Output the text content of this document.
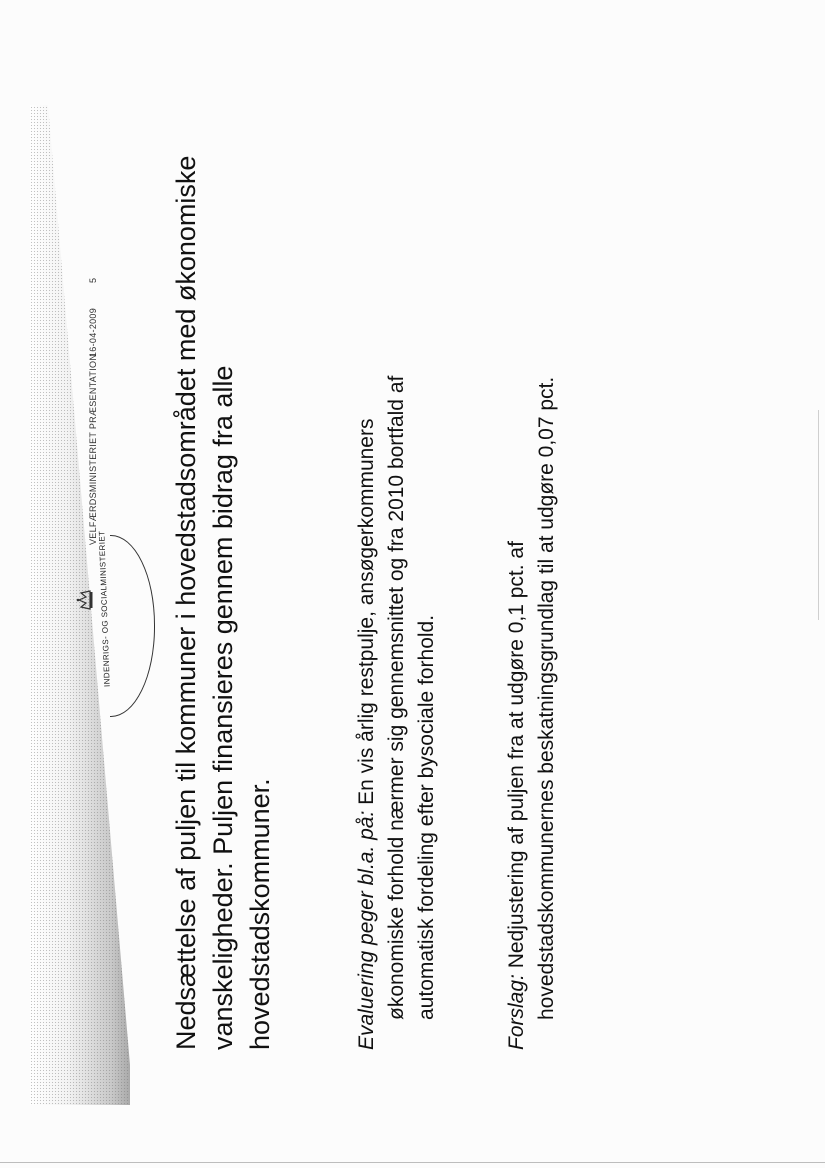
VELFÆRDSMINISTERIET PRÆSENTATION
16-04-2009
5
INDENRIGS- OG SOCIALMINISTERIET Nedsættelse af puljen til kommuner i hovedstadsområdet med økonomiske vanskeligheder. Puljen finansieres gennem bidrag fra alle hovedstadskommuner.	Evaluering peger bl.a. på: En vis årlig restpulje, ansøgerkommuners økonomiske forhold nærmer sig gennemsnittet og fra 2010 bortfald af automatisk fordeling efter bysociale forhold.	Forslag: Nedjustering af puljen fra at udgøre 0,1 pct. af hovedstadskommunernes beskatningsgrundlag til at udgøre 0,07 pct.
